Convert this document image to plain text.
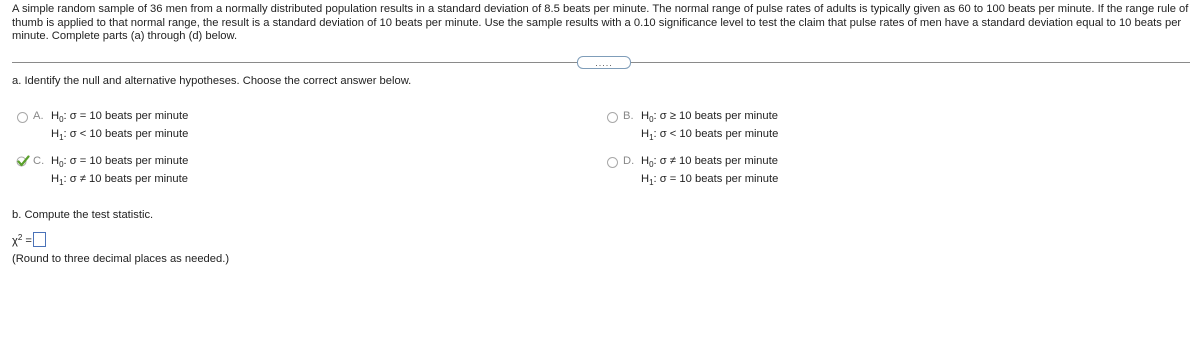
A simple random sample of 36 men from a normally distributed population results in a standard deviation of 8.5 beats per minute. The normal range of pulse rates of adults is typically given as 60 to 100 beats per minute. If the range rule of thumb is applied to that normal range, the result is a standard deviation of 10 beats per minute. Use the sample results with a 0.10 significance level to test the claim that pulse rates of men have a standard deviation equal to 10 beats per minute. Complete parts (a) through (d) below.
.....
a. Identify the null and alternative hypotheses. Choose the correct answer below.
A. $H_0$: σ = 10 beats per minute
$H_1$: σ < 10 beats per minute
B. $H_0$: σ ≥ 10 beats per minute
$H_1$: σ < 10 beats per minute
C. $H_0$: σ = 10 beats per minute
$H_1$: σ ≠ 10 beats per minute
D. $H_0$: σ ≠ 10 beats per minute
$H_1$: σ = 10 beats per minute
b. Compute the test statistic.
$\chi^2$ =
(Round to three decimal places as needed.)
